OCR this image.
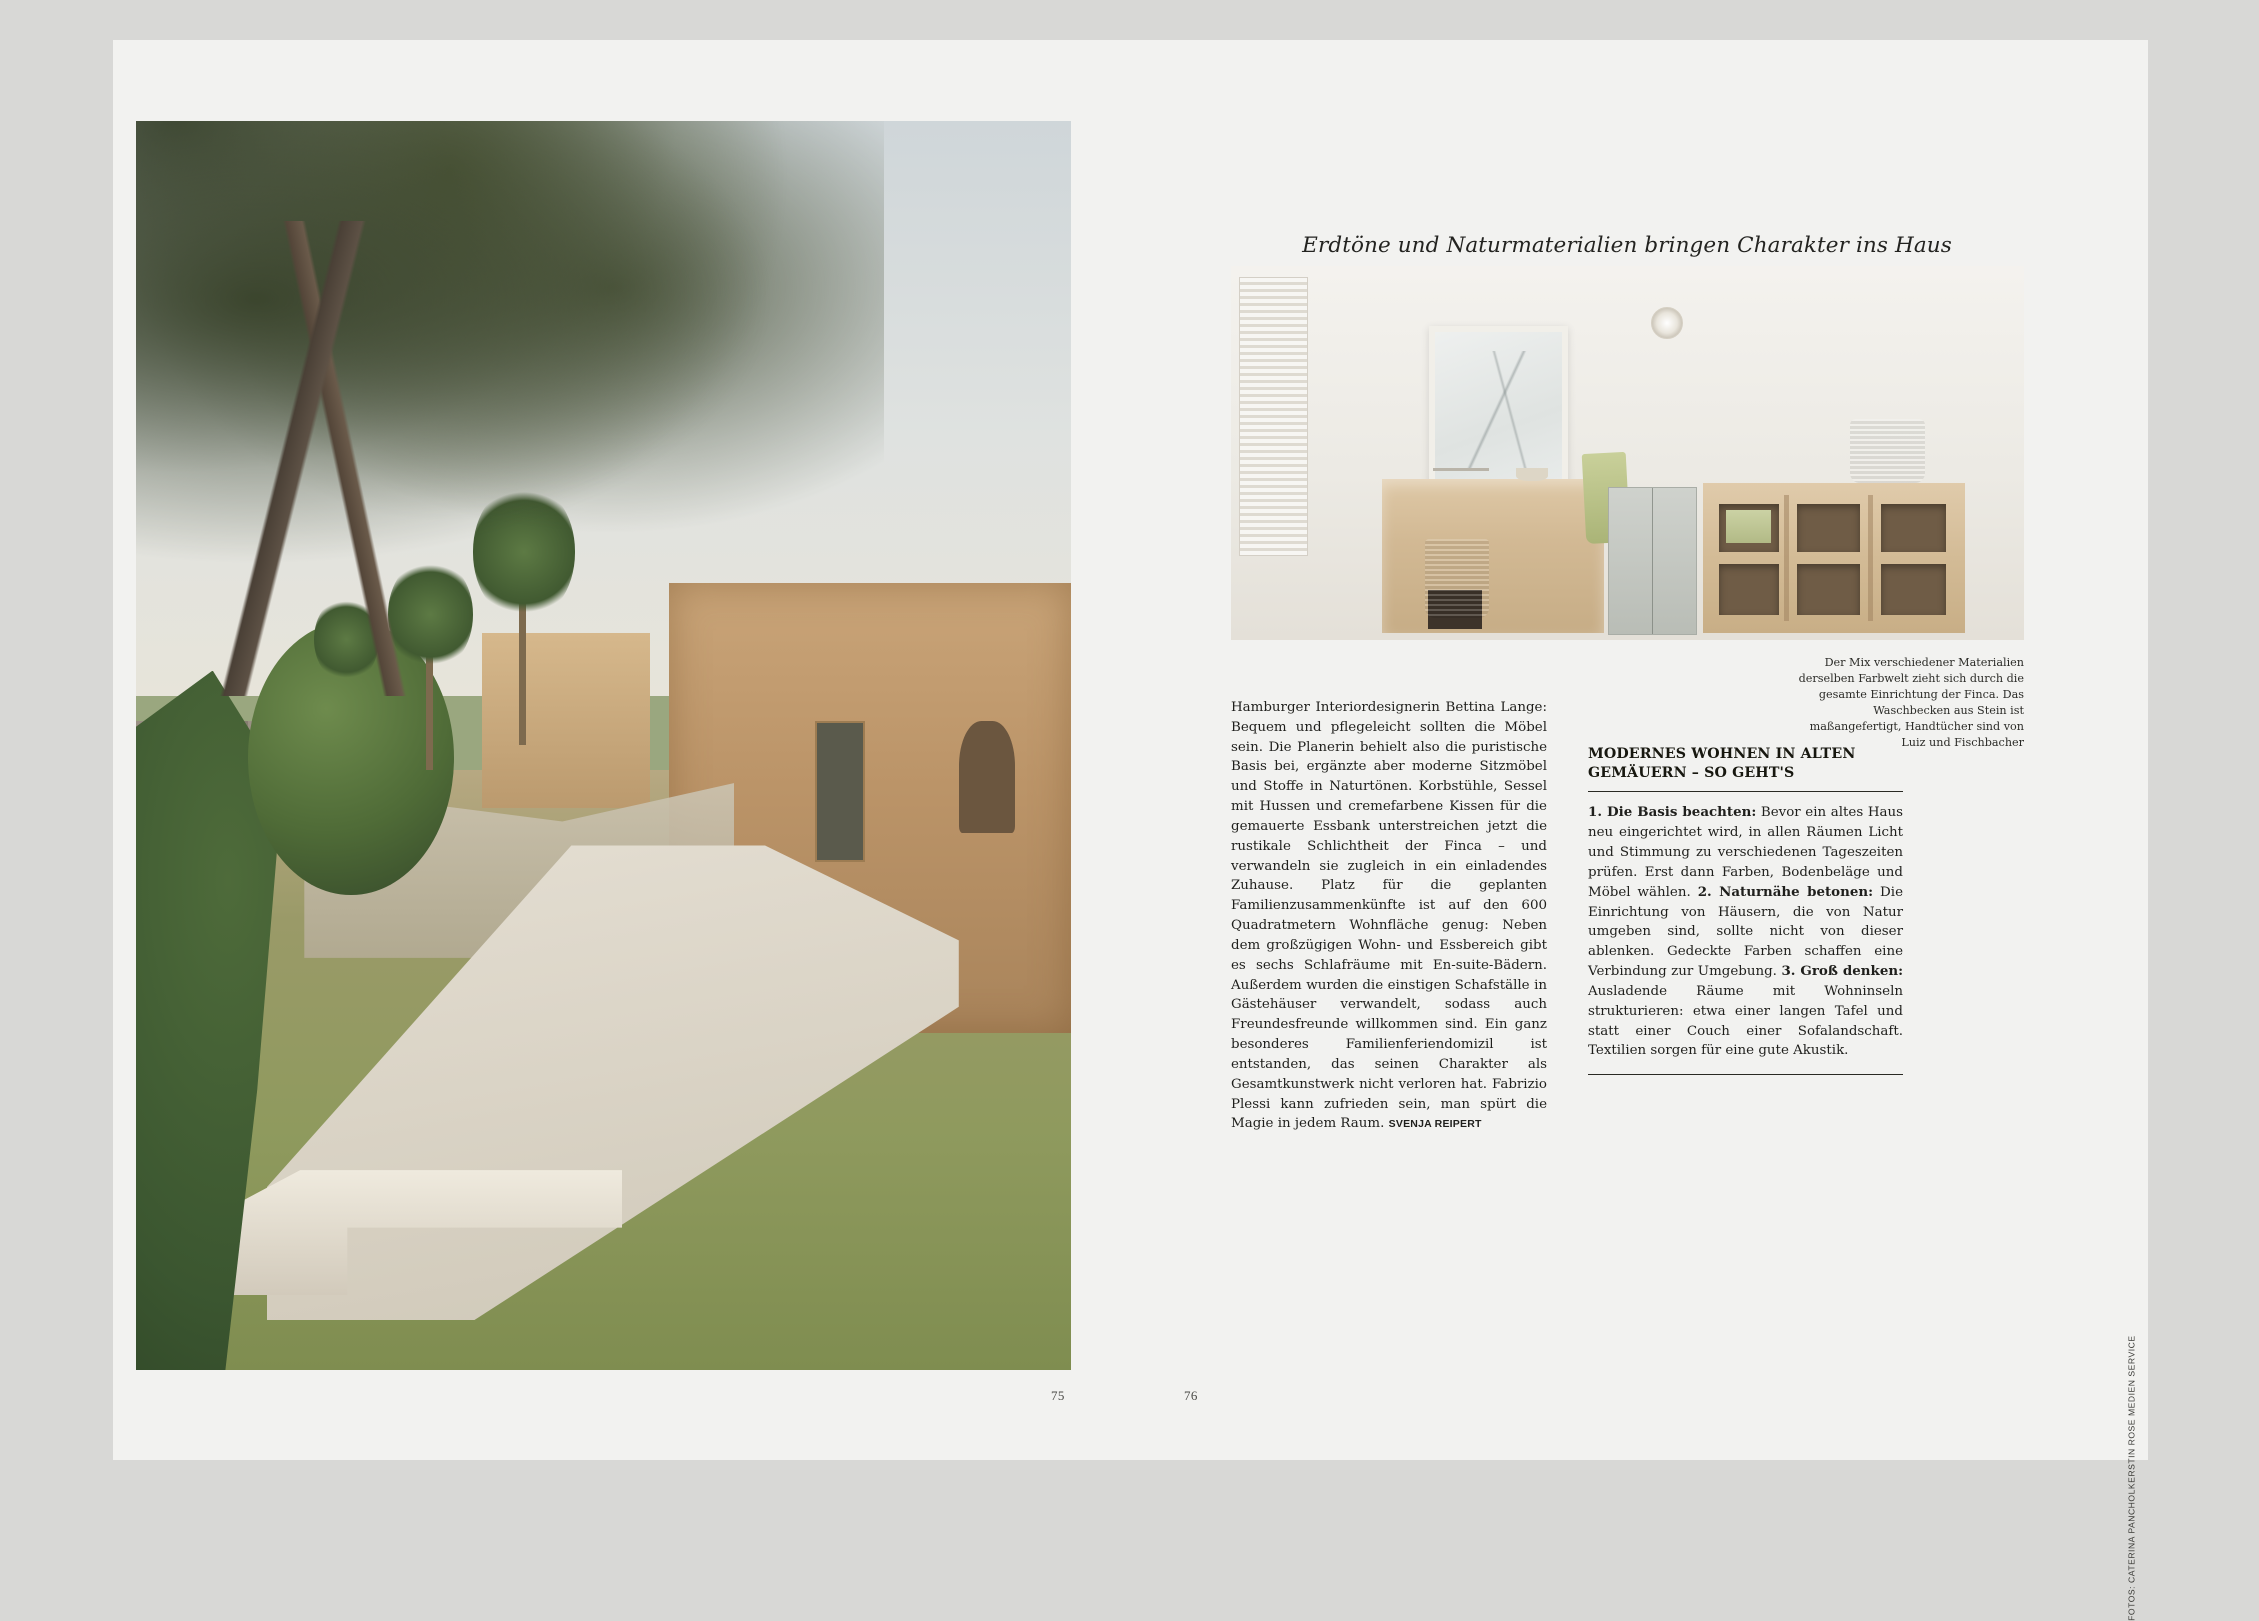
75	76
Erdtöne und Naturmaterialien bringen Charakter ins Haus
Der Mix verschiedener Materialien derselben Farbwelt zieht sich durch die gesamte Einrichtung der Finca. Das Waschbecken aus Stein ist maßangefertigt, Handtücher sind von Luiz und Fischbacher
Hamburger Interiordesignerin Bettina Lange: Bequem und pflegeleicht sollten die Möbel sein. Die Planerin behielt also die puristische Basis bei, ergänzte aber moderne Sitzmöbel und Stoffe in Naturtönen. Korbstühle, Sessel mit Hussen und cremefarbene Kissen für die gemauerte Essbank unterstreichen jetzt die rustikale Schlichtheit der Finca – und verwandeln sie zugleich in ein einladendes Zuhause. Platz für die geplanten Familienzusammenkünfte ist auf den 600 Quadratmetern Wohnfläche genug: Neben dem großzügigen Wohn- und Essbereich gibt es sechs Schlafräume mit En-suite-Bädern. Außerdem wurden die einstigen Schafställe in Gästehäuser verwandelt, sodass auch Freundesfreunde willkommen sind. Ein ganz besonderes Familienferiendomizil ist entstanden, das seinen Charakter als Gesamtkunstwerk nicht verloren hat. Fabrizio Plessi kann zufrieden sein, man spürt die Magie in jedem Raum. SVENJA REIPERT
MODERNES WOHNEN IN ALTEN GEMÄUERN – SO GEHT'S
1. Die Basis beachten: Bevor ein altes Haus neu eingerichtet wird, in allen Räumen Licht und Stimmung zu verschiedenen Tageszeiten prüfen. Erst dann Farben, Bodenbeläge und Möbel wählen. 2. Naturnähe betonen: Die Einrichtung von Häusern, die von Natur umgeben sind, sollte nicht von dieser ablenken. Gedeckte Farben schaffen eine Verbindung zur Umgebung. 3. Groß denken: Ausladende Räume mit Wohninseln strukturieren: etwa einer langen Tafel und statt einer Couch einer Sofalandschaft. Textilien sorgen für eine gute Akustik.
FOTOS: CATERINA PANCHOLKERSTIN ROSE MEDIEN SERVICE
